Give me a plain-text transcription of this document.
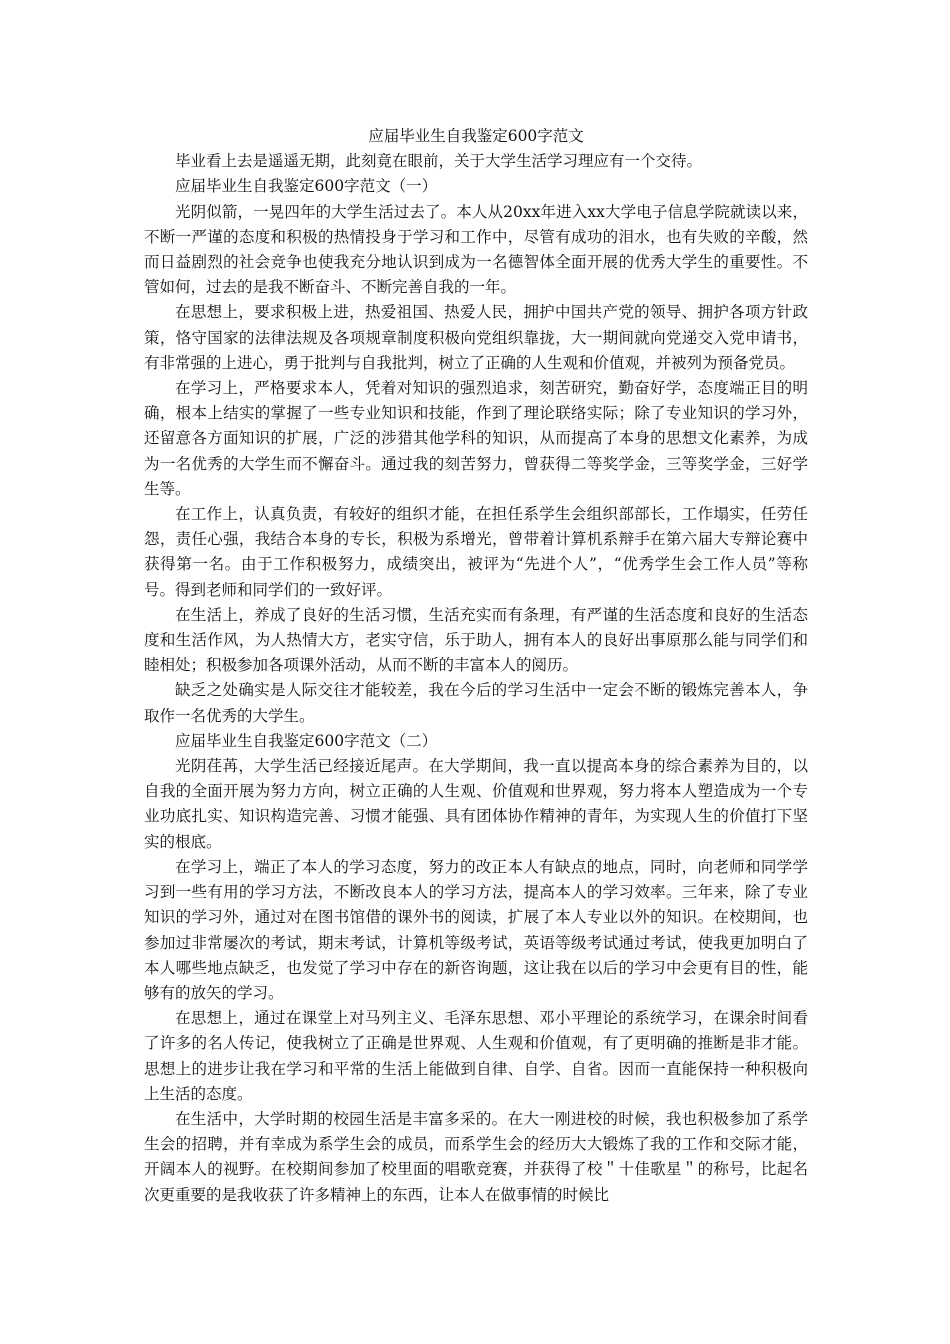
应届毕业生自我鉴定600字范文

毕业看上去是遥遥无期，此刻竟在眼前，关于大学生活学习理应有一个交待。

应届毕业生自我鉴定600字范文（一）

光阴似箭，一晃四年的大学生活过去了。本人从20xx年进入xx大学电子信息学院就读以来，不断一严谨的态度和积极的热情投身于学习和工作中，尽管有成功的泪水，也有失败的辛酸，然而日益剧烈的社会竞争也使我充分地认识到成为一名德智体全面开展的优秀大学生的重要性。不管如何，过去的是我不断奋斗、不断完善自我的一年。

在思想上，要求积极上进，热爱祖国、热爱人民，拥护中国共产党的领导、拥护各项方针政策，恪守国家的法律法规及各项规章制度积极向党组织靠拢，大一期间就向党递交入党申请书，有非常强的上进心，勇于批判与自我批判，树立了正确的人生观和价值观，并被列为预备党员。

在学习上，严格要求本人，凭着对知识的强烈追求，刻苦研究，勤奋好学，态度端正目的明确，根本上结实的掌握了一些专业知识和技能，作到了理论联络实际；除了专业知识的学习外，还留意各方面知识的扩展，广泛的涉猎其他学科的知识，从而提高了本身的思想文化素养，为成为一名优秀的大学生而不懈奋斗。通过我的刻苦努力，曾获得二等奖学金，三等奖学金，三好学生等。

在工作上，认真负责，有较好的组织才能，在担任系学生会组织部部长，工作塌实，任劳任怨，责任心强，我结合本身的专长，积极为系增光，曾带着计算机系辩手在第六届大专辩论赛中获得第一名。由于工作积极努力，成绩突出，被评为“先进个人”，“优秀学生会工作人员”等称号。得到老师和同学们的一致好评。

在生活上，养成了良好的生活习惯，生活充实而有条理，有严谨的生活态度和良好的生活态度和生活作风，为人热情大方，老实守信，乐于助人，拥有本人的良好出事原那么能与同学们和睦相处；积极参加各项课外活动，从而不断的丰富本人的阅历。

缺乏之处确实是人际交往才能较差，我在今后的学习生活中一定会不断的锻炼完善本人，争取作一名优秀的大学生。

应届毕业生自我鉴定600字范文（二）

光阴荏苒，大学生活已经接近尾声。在大学期间，我一直以提高本身的综合素养为目的，以自我的全面开展为努力方向，树立正确的人生观、价值观和世界观，努力将本人塑造成为一个专业功底扎实、知识构造完善、习惯才能强、具有团体协作精神的青年，为实现人生的价值打下坚实的根底。

在学习上，端正了本人的学习态度，努力的改正本人有缺点的地点，同时，向老师和同学学习到一些有用的学习方法，不断改良本人的学习方法，提高本人的学习效率。三年来，除了专业知识的学习外，通过对在图书馆借的课外书的阅读，扩展了本人专业以外的知识。在校期间，也参加过非常屡次的考试，期末考试，计算机等级考试，英语等级考试通过考试，使我更加明白了本人哪些地点缺乏，也发觉了学习中存在的新咨询题，这让我在以后的学习中会更有目的性，能够有的放矢的学习。

在思想上，通过在课堂上对马列主义、毛泽东思想、邓小平理论的系统学习，在课余时间看了许多的名人传记，使我树立了正确是世界观、人生观和价值观，有了更明确的推断是非才能。思想上的进步让我在学习和平常的生活上能做到自律、自学、自省。因而一直能保持一种积极向上生活的态度。

在生活中，大学时期的校园生活是丰富多采的。在大一刚进校的时候，我也积极参加了系学生会的招聘，并有幸成为系学生会的成员，而系学生会的经历大大锻炼了我的工作和交际才能，开阔本人的视野。在校期间参加了校里面的唱歌竞赛，并获得了校＂十佳歌星＂的称号，比起名次更重要的是我收获了许多精神上的东西，让本人在做事情的时候比
